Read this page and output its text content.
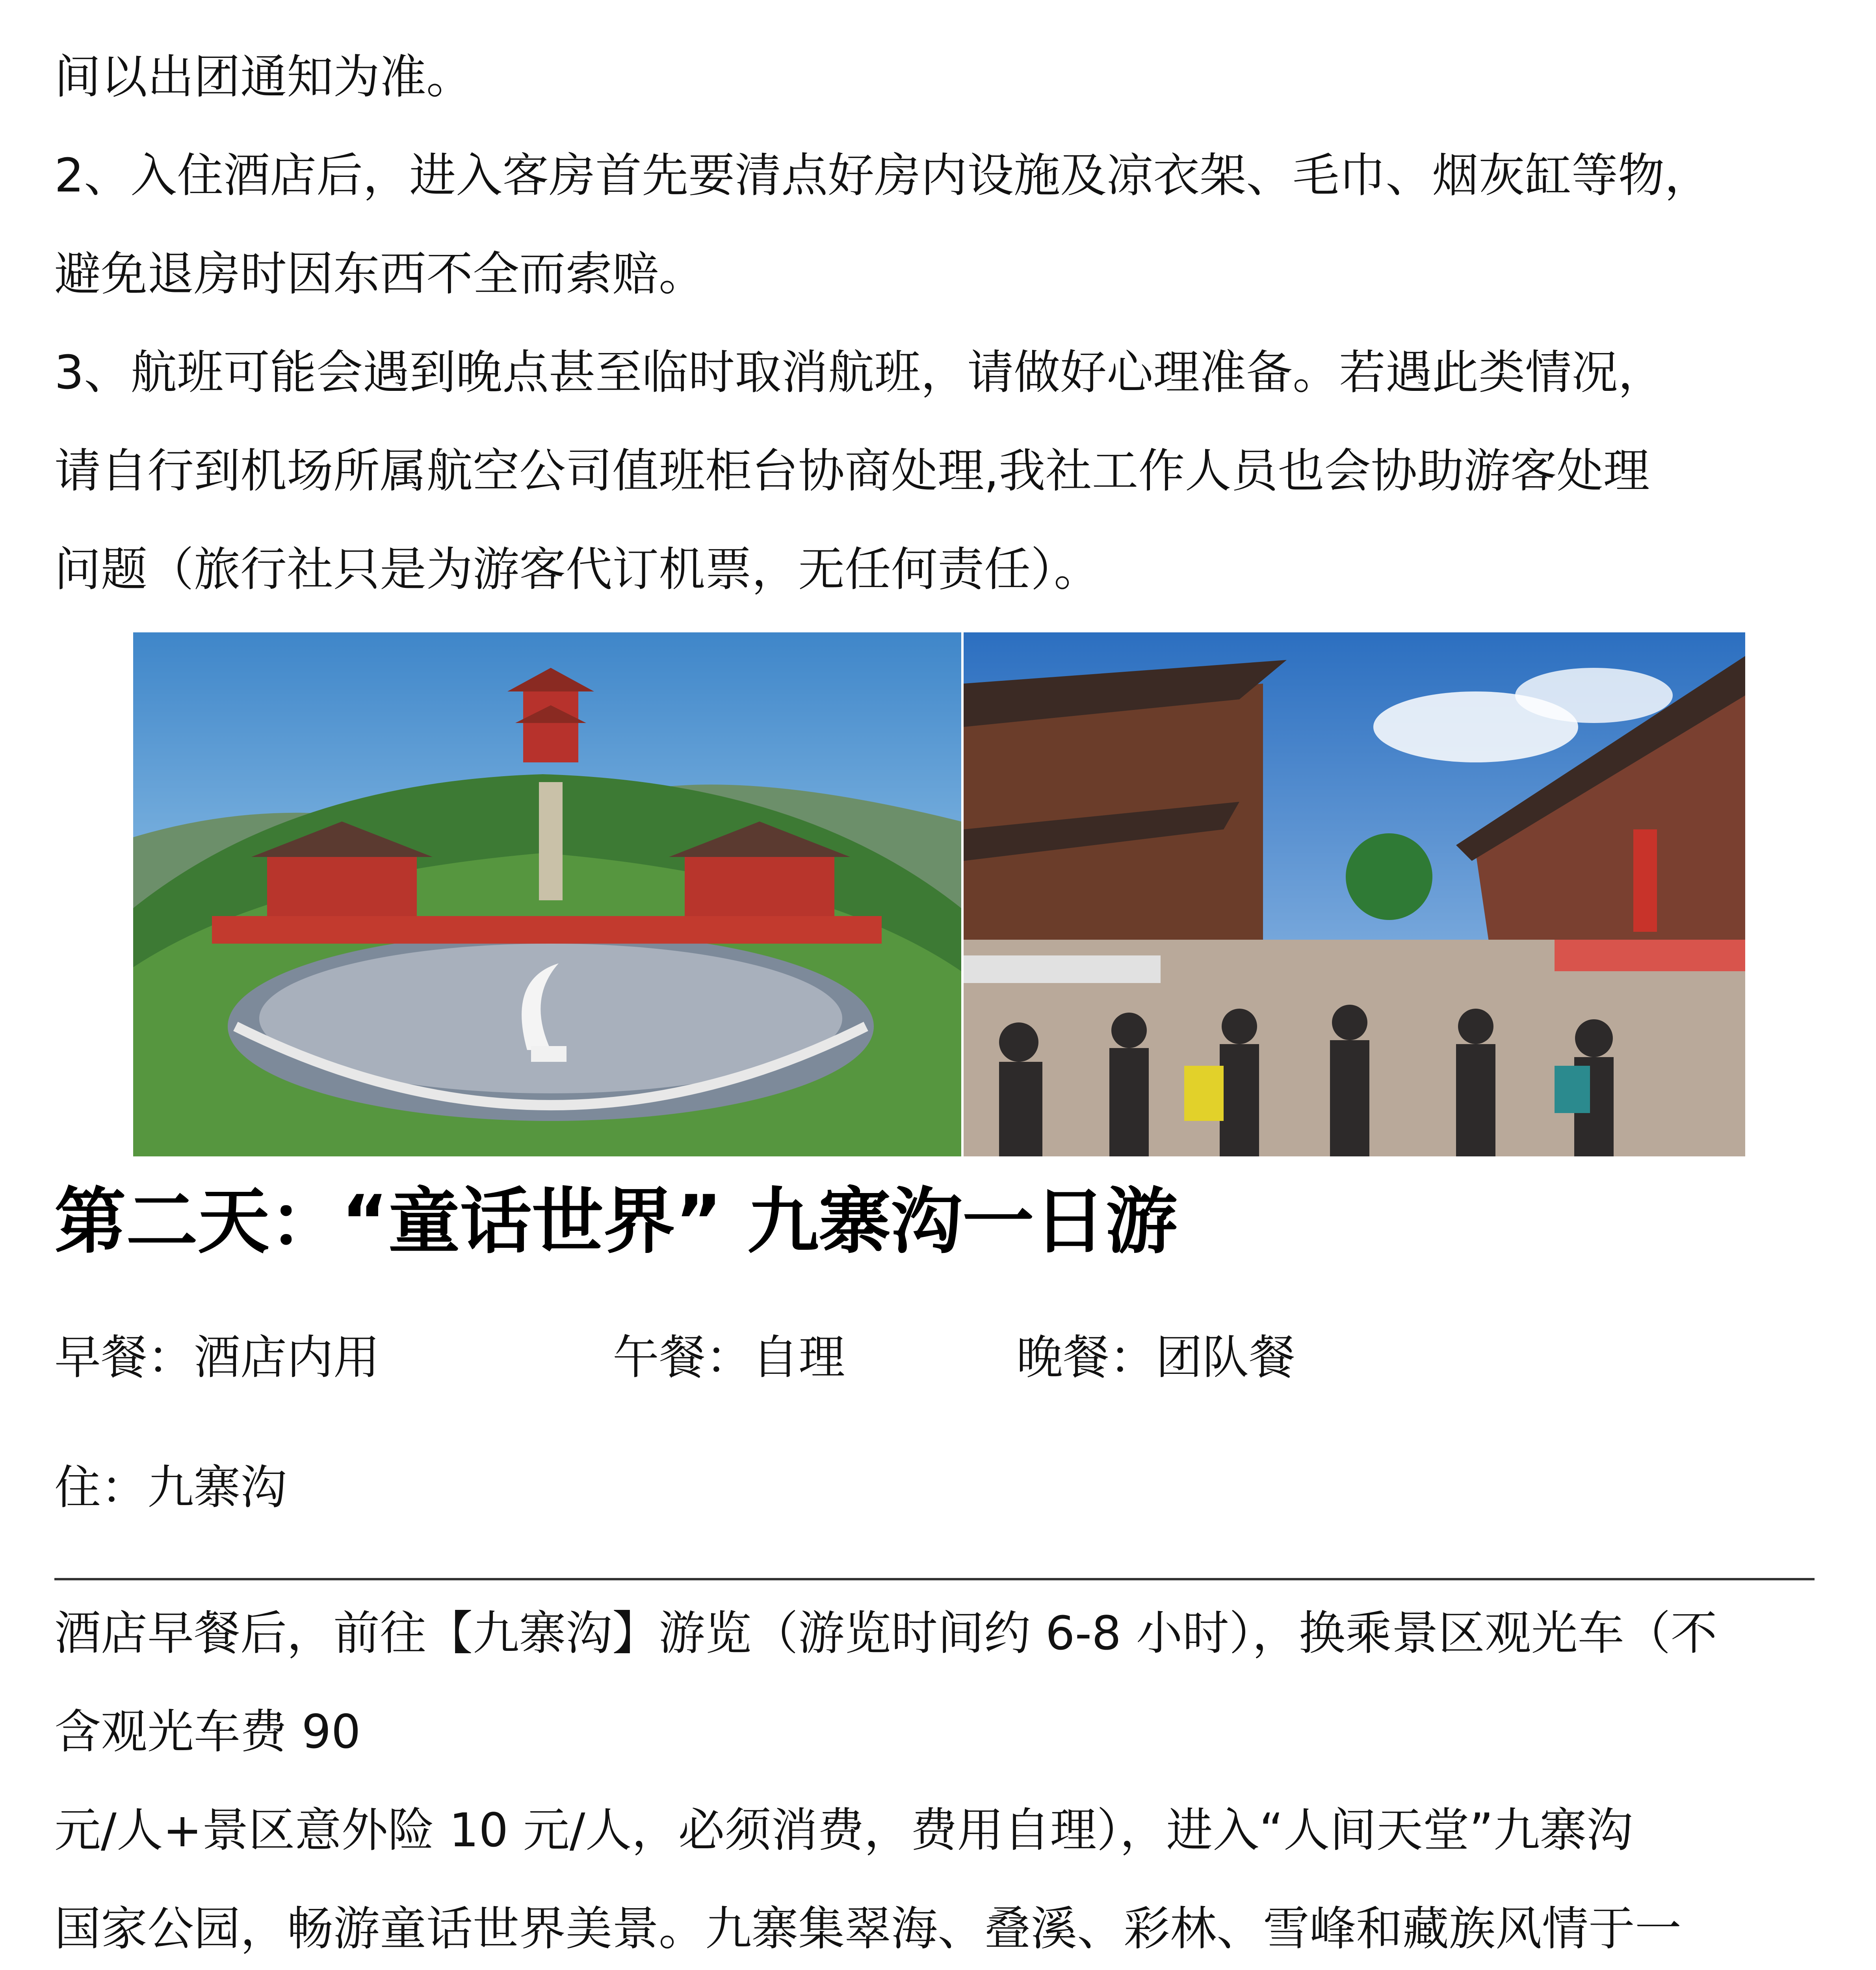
间以出团通知为准。

2、入住酒店后，进入客房首先要清点好房内设施及凉衣架、毛巾、烟灰缸等物，

避免退房时因东西不全而索赔。

3、航班可能会遇到晚点甚至临时取消航班，请做好心理准备。若遇此类情况，

请自行到机场所属航空公司值班柜台协商处理,我社工作人员也会协助游客处理

问题（旅行社只是为游客代订机票，无任何责任）。

第二天：“童话世界” 九寨沟一日游
早餐：酒店内用	午餐：自理	晚餐：团队餐

住：九寨沟

酒店早餐后，前往【九寨沟】游览（游览时间约 6-8 小时），换乘景区观光车（不

含观光车费 90

元/人+景区意外险 10 元/人，必须消费，费用自理），进入“人间天堂”九寨沟

国家公园，畅游童话世界美景。九寨集翠海、叠溪、彩林、雪峰和藏族风情于一
